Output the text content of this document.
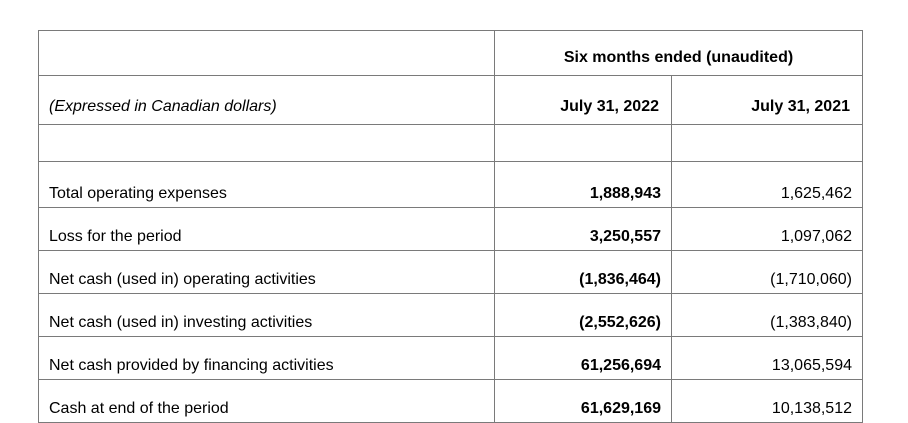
	Six months ended (unaudited)	
(Expressed in Canadian dollars)	July 31, 2022	July 31, 2021

Total operating expenses	1,888,943	1,625,462
Loss for the period	3,250,557	1,097,062
Net cash (used in) operating activities	(1,836,464)	(1,710,060)
Net cash (used in) investing activities	(2,552,626)	(1,383,840)
Net cash provided by financing activities	61,256,694	13,065,594
Cash at end of the period	61,629,169	10,138,512
